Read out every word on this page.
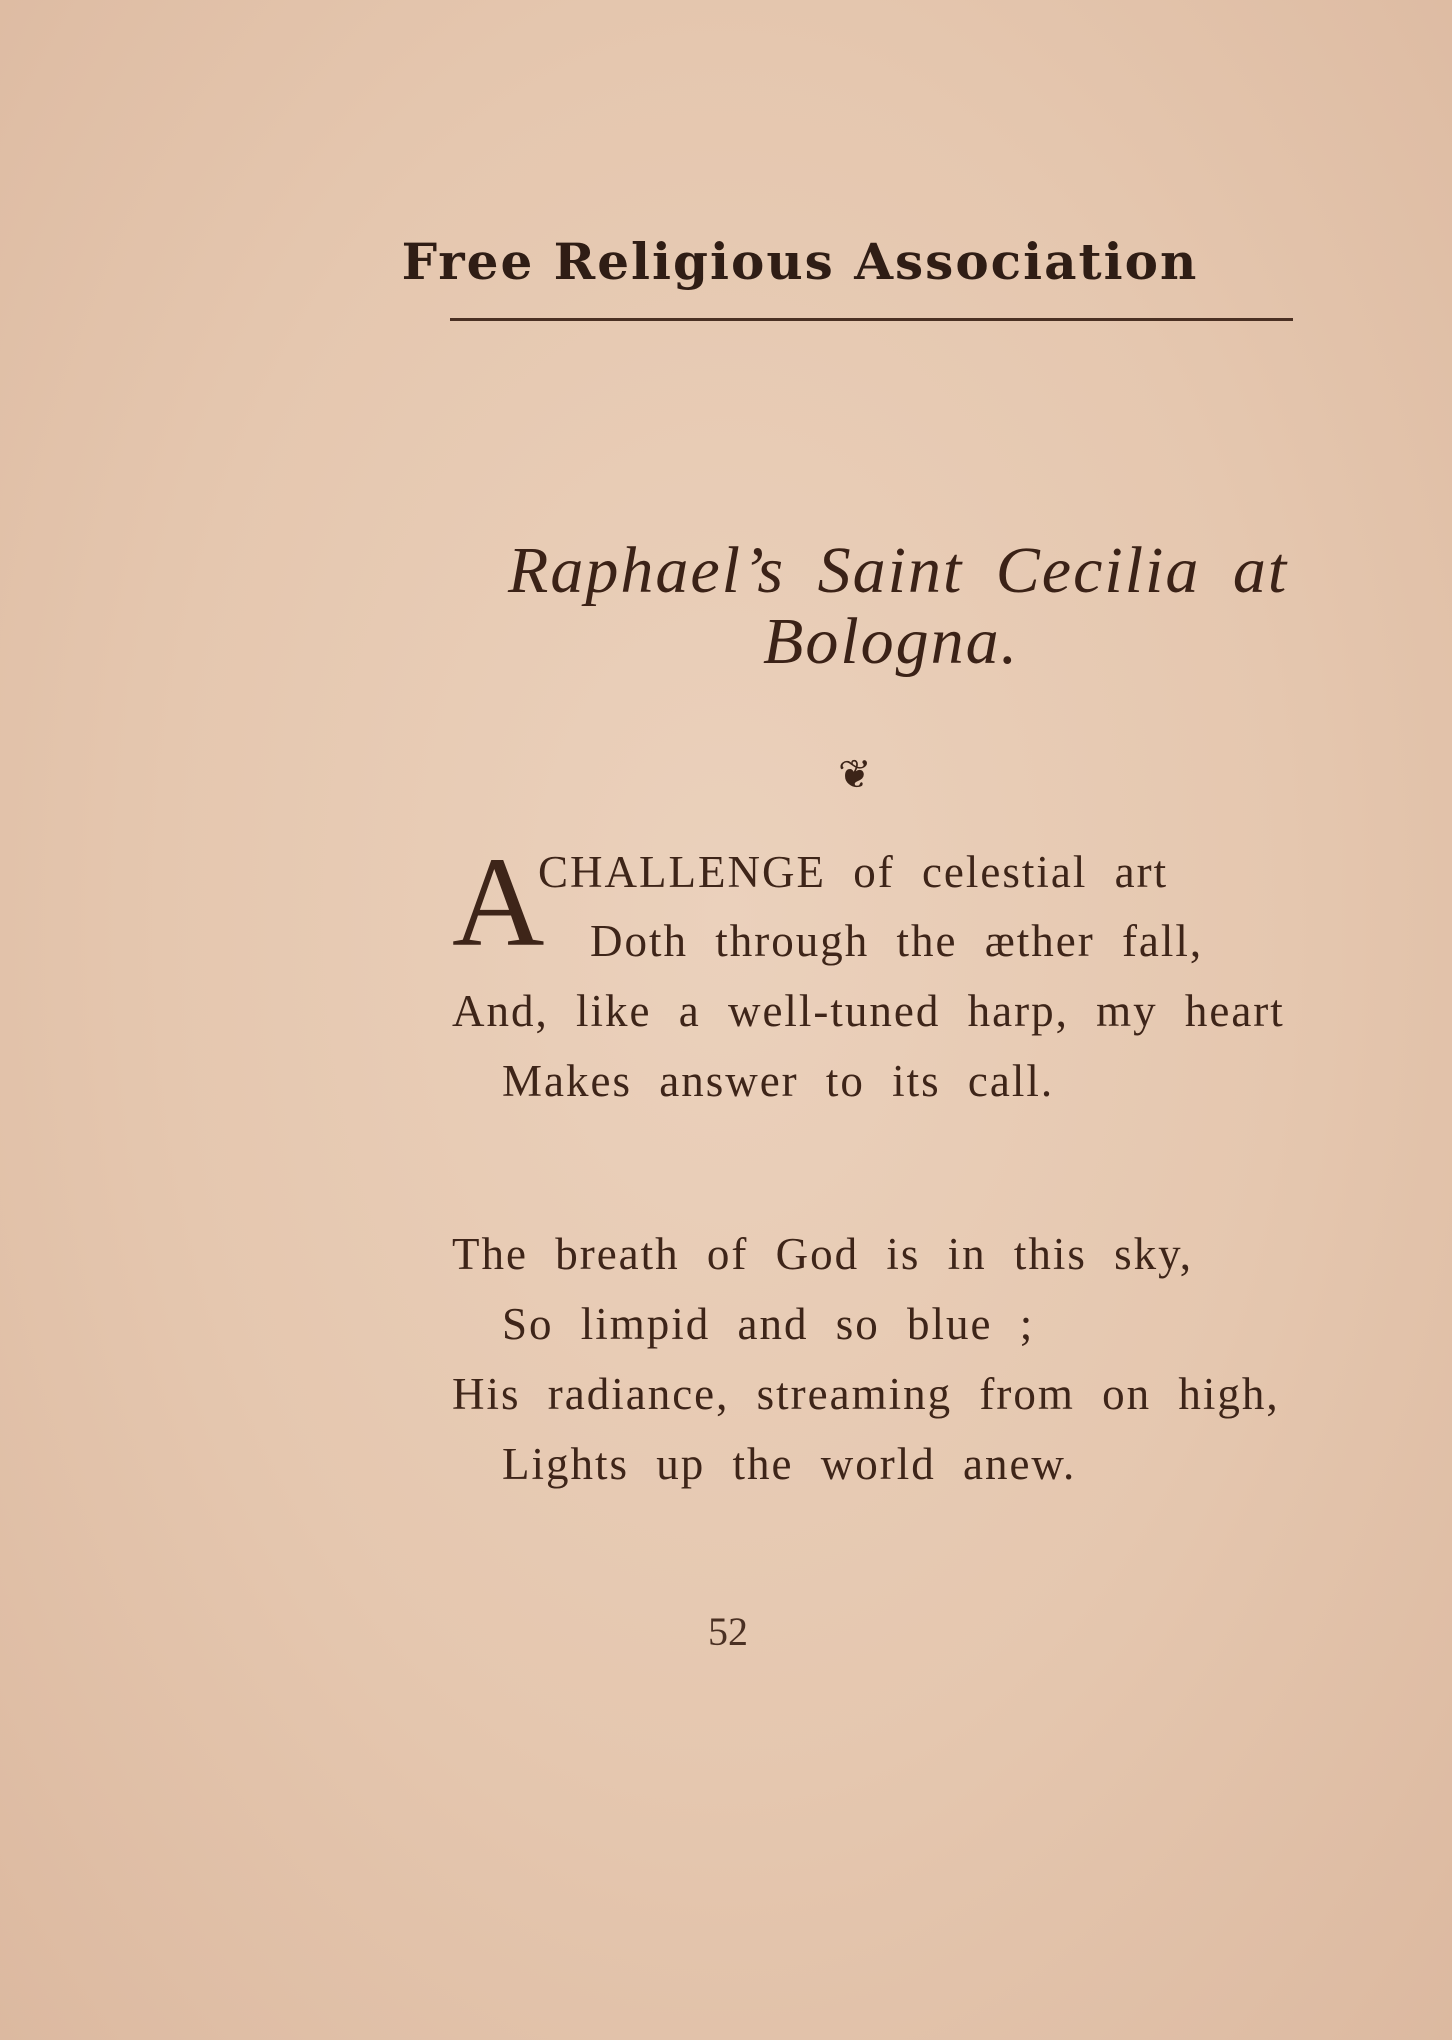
Free Religious Association
Raphael’s Saint Cecilia at
Bologna.
❦
A
CHALLENGE of celestial art
Doth through the æther fall,
And, like a well-tuned harp, my heart
Makes answer to its call.
The breath of God is in this sky,
So limpid and so blue ;
His radiance, streaming from on high,
Lights up the world anew.
52
